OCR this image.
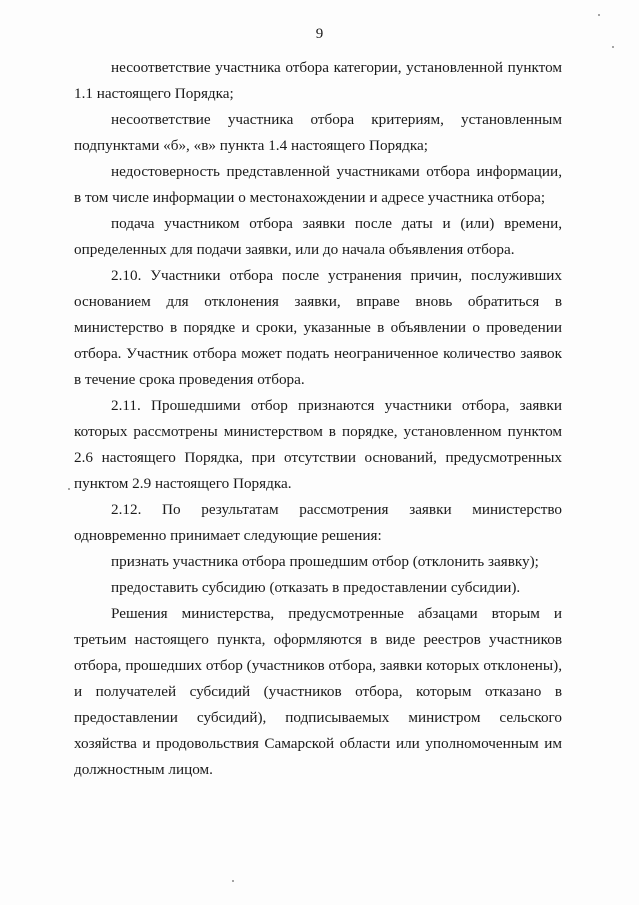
9

несоответствие участника отбора категории, установленной пунктом 1.1 настоящего Порядка;

несоответствие участника отбора критериям, установленным подпунктами «б», «в» пункта 1.4 настоящего Порядка;

недостоверность представленной участниками отбора информации, в том числе информации о местонахождении и адресе участника отбора;

подача участником отбора заявки после даты и (или) времени, определенных для подачи заявки, или до начала объявления отбора.

2.10. Участники отбора после устранения причин, послуживших основанием для отклонения заявки, вправе вновь обратиться в министерство в порядке и сроки, указанные в объявлении о проведении отбора. Участник отбора может подать неограниченное количество заявок в течение срока проведения отбора.

2.11. Прошедшими отбор признаются участники отбора, заявки которых рассмотрены министерством в порядке, установленном пунктом 2.6 настоящего Порядка, при отсутствии оснований, предусмотренных пунктом 2.9 настоящего Порядка.

2.12. По результатам рассмотрения заявки министерство одновременно принимает следующие решения:

признать участника отбора прошедшим отбор (отклонить заявку);

предоставить субсидию (отказать в предоставлении субсидии).

Решения министерства, предусмотренные абзацами вторым и третьим настоящего пункта, оформляются в виде реестров участников отбора, прошедших отбор (участников отбора, заявки которых отклонены), и получателей субсидий (участников отбора, которым отказано в предоставлении субсидий), подписываемых министром сельского хозяйства и продовольствия Самарской области или уполномоченным им должностным лицом.
